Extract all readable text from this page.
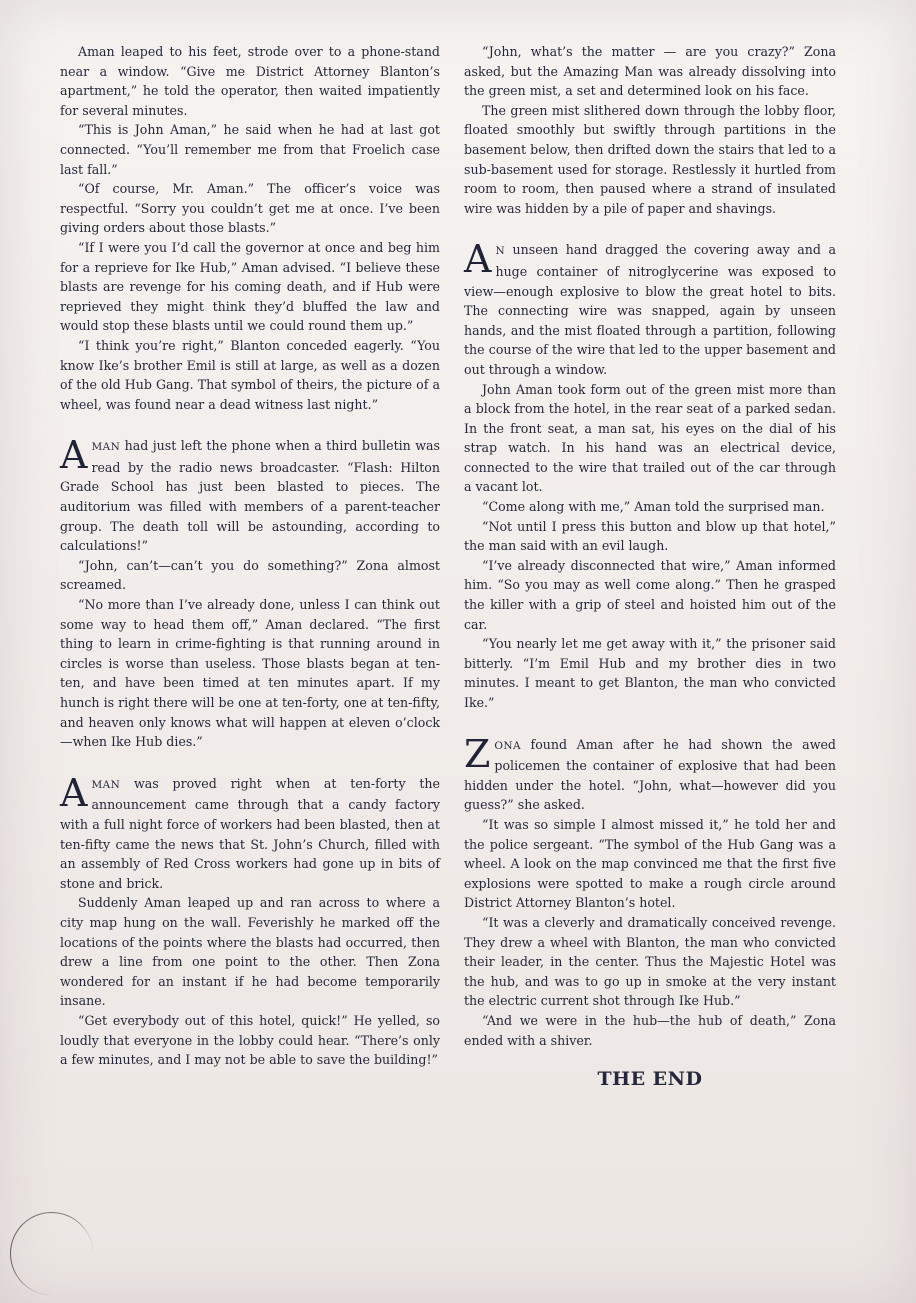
Aman leaped to his feet, strode over to a phone-stand near a window. “Give me District Attorney Blanton’s apartment,” he told the operator, then waited impatiently for several minutes.

“This is John Aman,” he said when he had at last got connected. “You’ll remember me from that Froelich case last fall.”

“Of course, Mr. Aman.” The officer’s voice was respectful. “Sorry you couldn’t get me at once. I’ve been giving orders about those blasts.”

“If I were you I’d call the governor at once and beg him for a reprieve for Ike Hub,” Aman advised. “I believe these blasts are revenge for his coming death, and if Hub were reprieved they might think they’d bluffed the law and would stop these blasts until we could round them up.”

“I think you’re right,” Blanton conceded eagerly. “You know Ike’s brother Emil is still at large, as well as a dozen of the old Hub Gang. That symbol of theirs, the picture of a wheel, was found near a dead witness last night.”

AMAN had just left the phone when a third bulletin was read by the radio news broadcaster. “Flash: Hilton Grade School has just been blasted to pieces. The auditorium was filled with members of a parent-teacher group. The death toll will be astounding, according to calculations!”

“John, can’t—can’t you do something?” Zona almost screamed.

“No more than I’ve already done, unless I can think out some way to head them off,” Aman declared. “The first thing to learn in crime-fighting is that running around in circles is worse than useless. Those blasts began at ten-ten, and have been timed at ten minutes apart. If my hunch is right there will be one at ten-forty, one at ten-fifty, and heaven only knows what will happen at eleven o’clock—when Ike Hub dies.”

AMAN was proved right when at ten-forty the announcement came through that a candy factory with a full night force of workers had been blasted, then at ten-fifty came the news that St. John’s Church, filled with an assembly of Red Cross workers had gone up in bits of stone and brick.

Suddenly Aman leaped up and ran across to where a city map hung on the wall. Feverishly he marked off the locations of the points where the blasts had occurred, then drew a line from one point to the other. Then Zona wondered for an instant if he had become temporarily insane.

“Get everybody out of this hotel, quick!” He yelled, so loudly that everyone in the lobby could hear. “There’s only a few minutes, and I may not be able to save the building!”

“John, what’s the matter — are you crazy?” Zona asked, but the Amazing Man was already dissolving into the green mist, a set and determined look on his face.

The green mist slithered down through the lobby floor, floated smoothly but swiftly through partitions in the basement below, then drifted down the stairs that led to a sub-basement used for storage. Restlessly it hurtled from room to room, then paused where a strand of insulated wire was hidden by a pile of paper and shavings.

A N unseen hand dragged the covering away and a huge container of nitroglycerine was exposed to view—enough explosive to blow the great hotel to bits. The connecting wire was snapped, again by unseen hands, and the mist floated through a partition, following the course of the wire that led to the upper basement and out through a window.

John Aman took form out of the green mist more than a block from the hotel, in the rear seat of a parked sedan. In the front seat, a man sat, his eyes on the dial of his strap watch. In his hand was an electrical device, connected to the wire that trailed out of the car through a vacant lot.

“Come along with me,” Aman told the surprised man.

“Not until I press this button and blow up that hotel,” the man said with an evil laugh.

“I’ve already disconnected that wire,” Aman informed him. “So you may as well come along.” Then he grasped the killer with a grip of steel and hoisted him out of the car.

“You nearly let me get away with it,” the prisoner said bitterly. “I’m Emil Hub and my brother dies in two minutes. I meant to get Blanton, the man who convicted Ike.”

ZONA found Aman after he had shown the awed policemen the container of explosive that had been hidden under the hotel. “John, what—however did you guess?” she asked.

“It was so simple I almost missed it,” he told her and the police sergeant. “The symbol of the Hub Gang was a wheel. A look on the map convinced me that the first five explosions were spotted to make a rough circle around District Attorney Blanton’s hotel.

“It was a cleverly and dramatically conceived revenge. They drew a wheel with Blanton, the man who convicted their leader, in the center. Thus the Majestic Hotel was the hub, and was to go up in smoke at the very instant the electric current shot through Ike Hub.”

“And we were in the hub—the hub of death,” Zona ended with a shiver.

THE END
